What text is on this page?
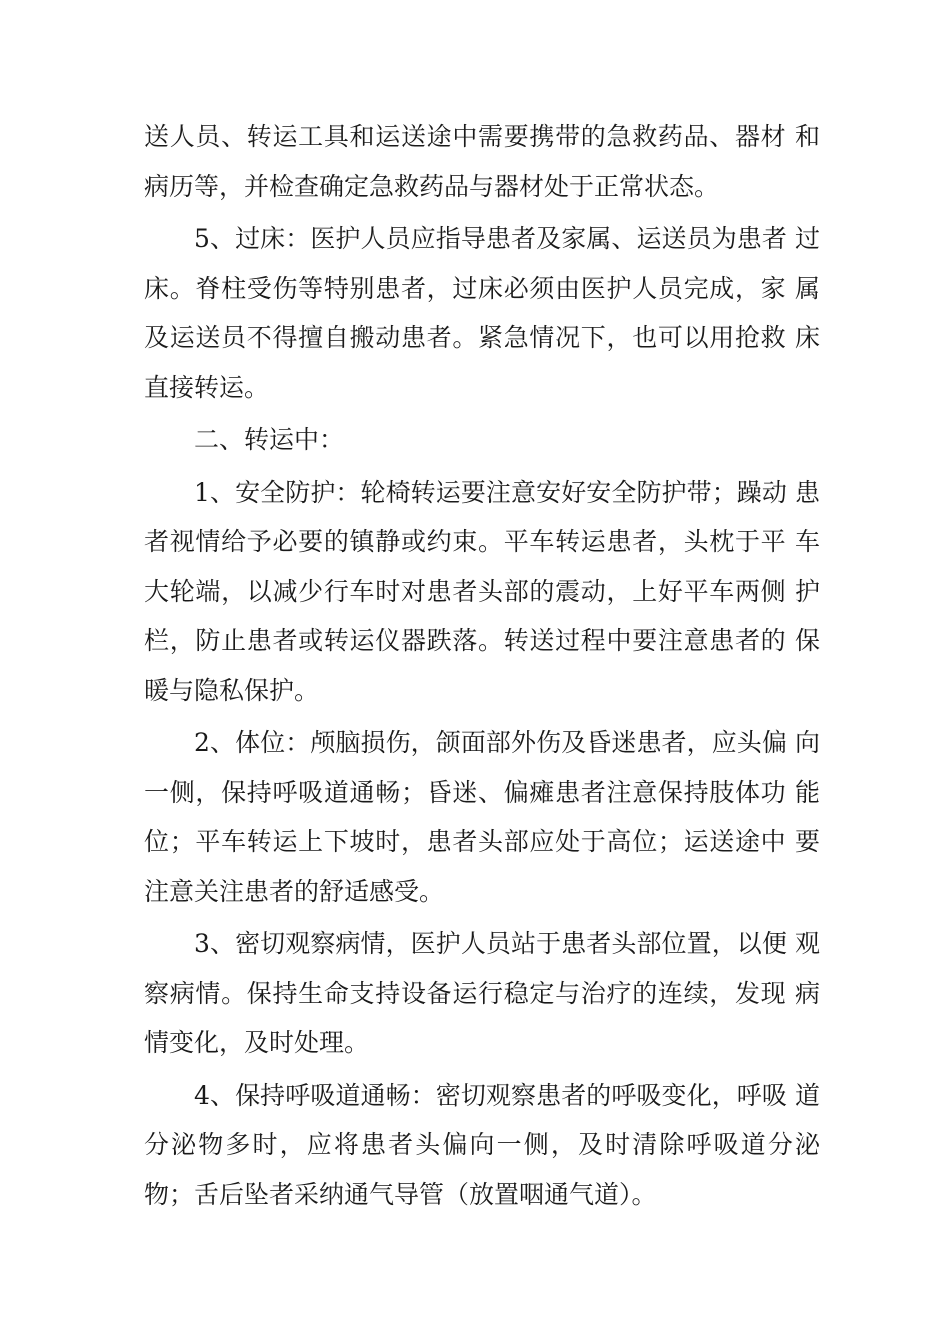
送人员、转运工具和运送途中需要携带的急救药品、器材 和病历等，并检查确定急救药品与器材处于正常状态。

5、过床：医护人员应指导患者及家属、运送员为患者 过床。脊柱受伤等特别患者，过床必须由医护人员完成，家 属及运送员不得擅自搬动患者。紧急情况下，也可以用抢救 床直接转运。

二、转运中：

1、安全防护：轮椅转运要注意安好安全防护带；躁动 患者视情给予必要的镇静或约束。平车转运患者，头枕于平 车大轮端，以减少行车时对患者头部的震动，上好平车两侧 护栏，防止患者或转运仪器跌落。转送过程中要注意患者的 保暖与隐私保护。

2、体位：颅脑损伤，颌面部外伤及昏迷患者，应头偏 向一侧，保持呼吸道通畅；昏迷、偏瘫患者注意保持肢体功 能位；平车转运上下坡时，患者头部应处于高位；运送途中 要注意关注患者的舒适感受。

3、密切观察病情，医护人员站于患者头部位置，以便 观察病情。保持生命支持设备运行稳定与治疗的连续，发现 病情变化，及时处理。

4、保持呼吸道通畅：密切观察患者的呼吸变化，呼吸 道分泌物多时，应将患者头偏向一侧，及时清除呼吸道分泌 物；舌后坠者采纳通气导管（放置咽通气道）。
